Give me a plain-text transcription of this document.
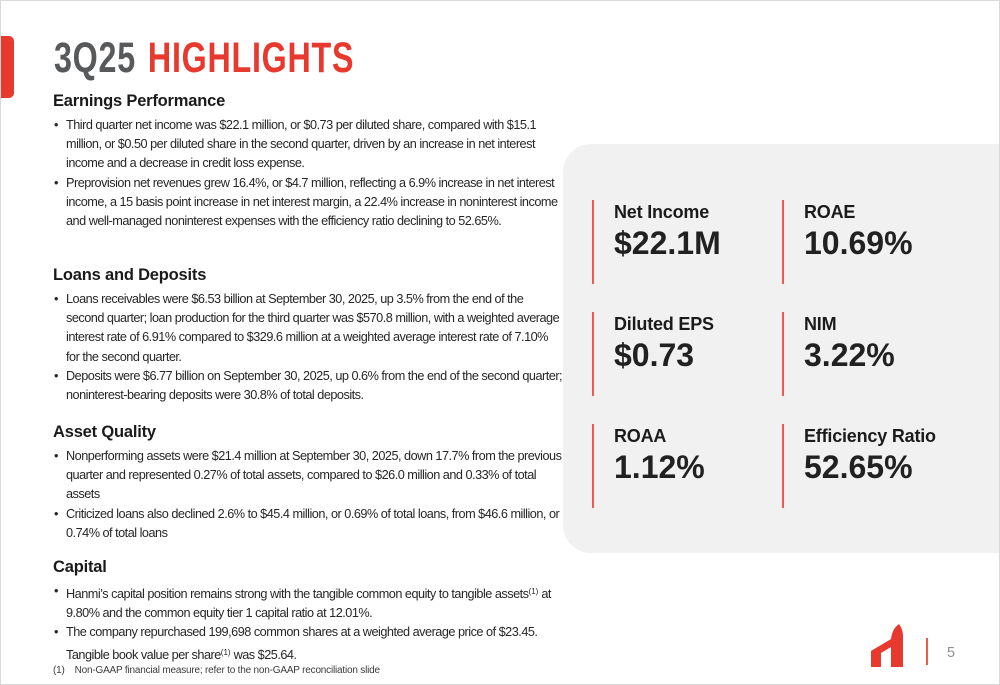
3Q25 HIGHLIGHTS
Earnings Performance
• Third quarter net income was $22.1 million, or $0.73 per diluted share, compared with $15.1 million, or $0.50 per diluted share in the second quarter, driven by an increase in net interest income and a decrease in credit loss expense.
• Preprovision net revenues grew 16.4%, or $4.7 million, reflecting a 6.9% increase in net interest income, a 15 basis point increase in net interest margin, a 22.4% increase in noninterest income and well-managed noninterest expenses with the efficiency ratio declining to 52.65%.
Loans and Deposits
• Loans receivables were $6.53 billion at September 30, 2025, up 3.5% from the end of the second quarter; loan production for the third quarter was $570.8 million, with a weighted average interest rate of 6.91% compared to $329.6 million at a weighted average interest rate of 7.10% for the second quarter.
• Deposits were $6.77 billion on September 30, 2025, up 0.6% from the end of the second quarter; noninterest-bearing deposits were 30.8% of total deposits.
Asset Quality
• Nonperforming assets were $21.4 million at September 30, 2025, down 17.7% from the previous quarter and represented 0.27% of total assets, compared to $26.0 million and 0.33% of total assets
• Criticized loans also declined 2.6% to $45.4 million, or 0.69% of total loans, from $46.6 million, or 0.74% of total loans
Capital
• Hanmi’s capital position remains strong with the tangible common equity to tangible assets$^{(1)}$ at 9.80% and the common equity tier 1 capital ratio at 12.01%.
• The company repurchased 199,698 common shares at a weighted average price of $23.45. Tangible book value per share$^{(1)}$ was $25.64.
(1) Non-GAAP financial measure; refer to the non-GAAP reconciliation slide
Net Income
$22.1M
ROAE
10.69%
Diluted EPS
$0.73
NIM
3.22%
ROAA
1.12%
Efficiency Ratio
52.65%
5
